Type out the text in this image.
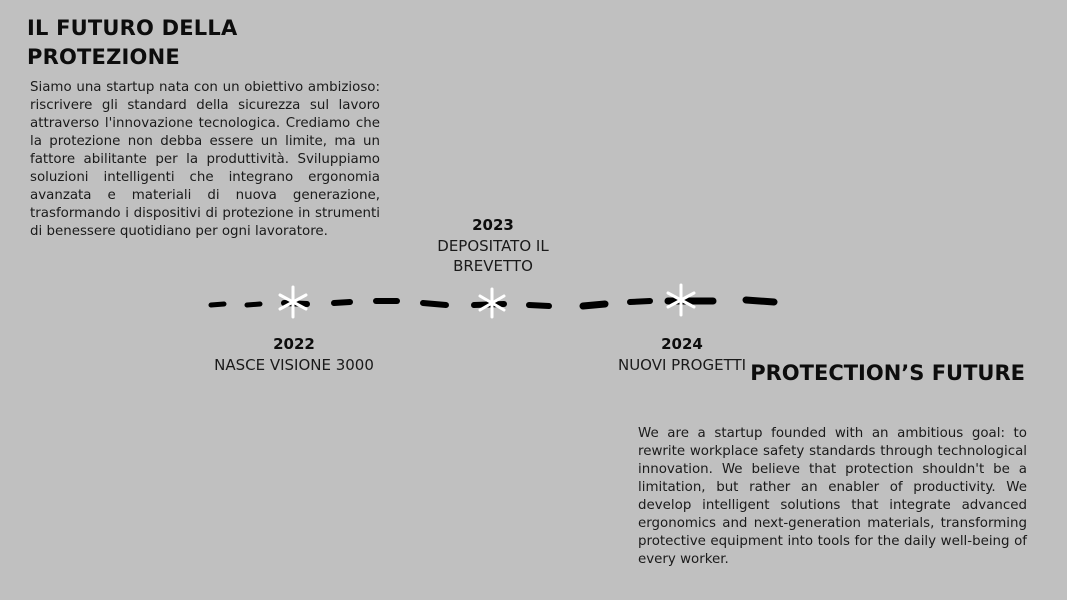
IL FUTURO DELLA PROTEZIONE
Siamo una startup nata con un obiettivo ambizioso: riscrivere gli standard della sicurezza sul lavoro attraverso l'innovazione tecnologica. Crediamo che la protezione non debba essere un limite, ma un fattore abilitante per la produttività. Sviluppiamo soluzioni intelligenti che integrano ergonomia avanzata e materiali di nuova generazione, trasformando i dispositivi di protezione in strumenti di benessere quotidiano per ogni lavoratore.
2022
NASCE VISIONE 3000
2023
DEPOSITATO IL BREVETTO
2024
NUOVI PROGETTI PROTECTION’S FUTURE
We are a startup founded with an ambitious goal: to rewrite workplace safety standards through technological innovation. We believe that protection shouldn't be a limitation, but rather an enabler of productivity. We develop intelligent solutions that integrate advanced ergonomics and next-generation materials, transforming protective equipment into tools for the daily well-being of every worker.
